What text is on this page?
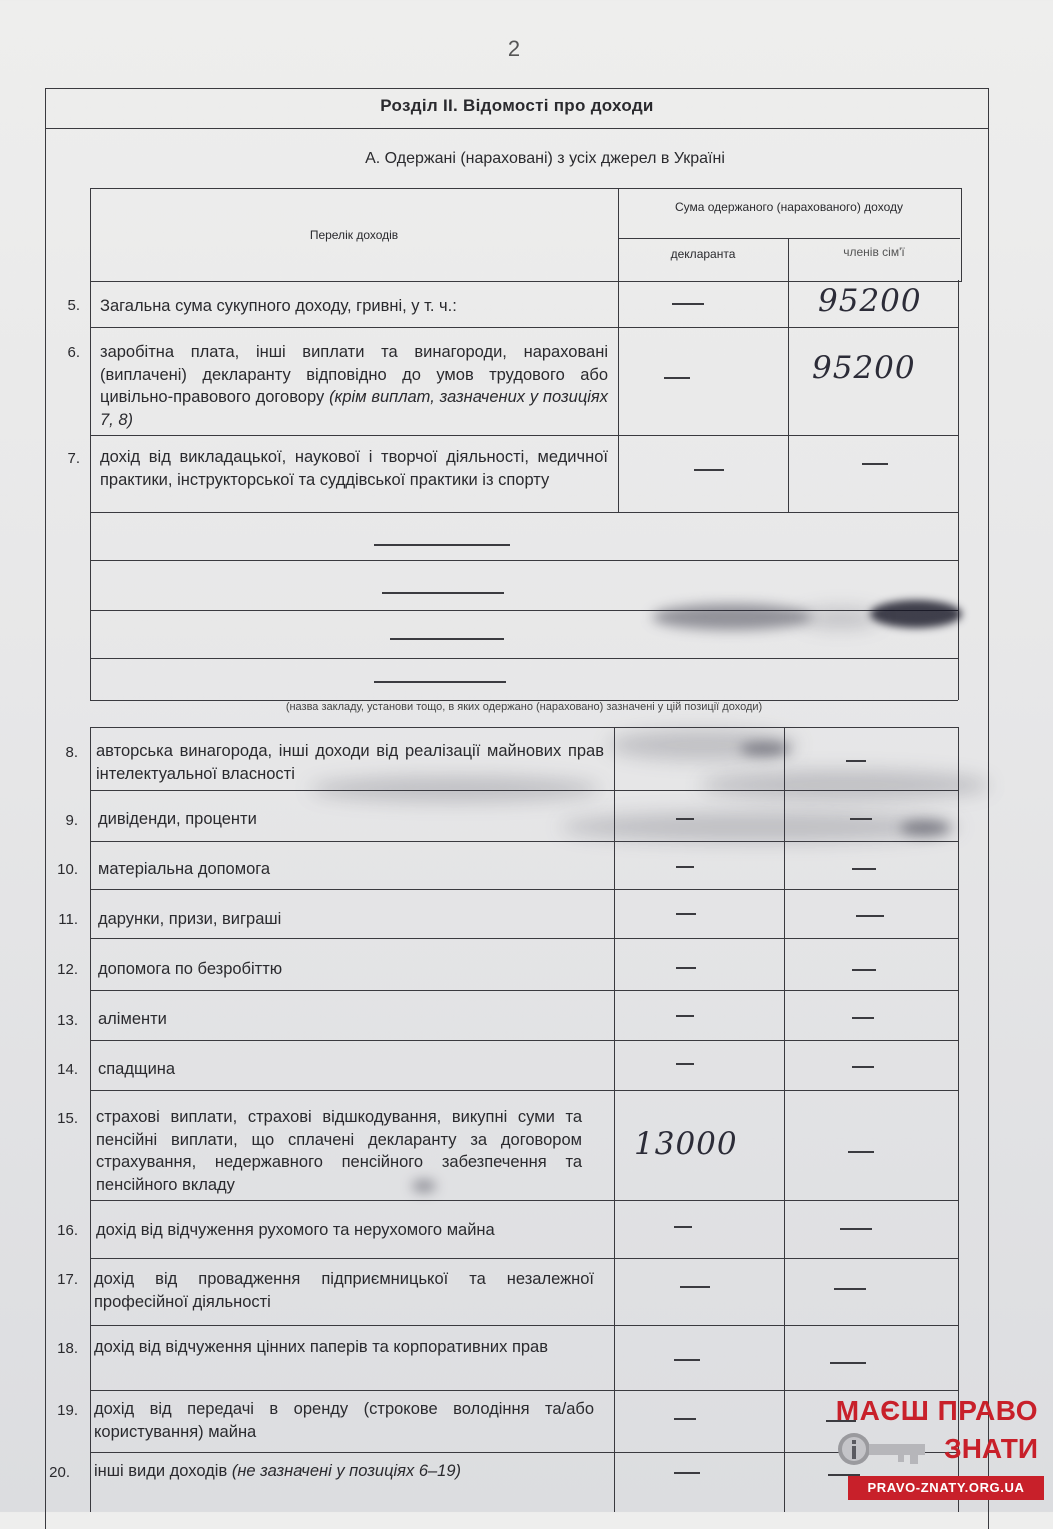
2
Розділ II. Відомості про доходи
А. Одержані (нараховані) з усіх джерел в Україні
Перелік доходів
Сума одержаного (нарахованого) доходу
декларанта	членів сім'ї
5. Загальна сума сукупного доходу, гривні, у т. ч.:	95200
6. заробітна плата, інші виплати та винагороди, нараховані (виплачені) декларанту відповідно до умов трудового або цивільно-правового договору (крім виплат, зазначених у позиціях 7, 8)
95200
7. дохід від викладацької, наукової і творчої діяльності, медичної практики, інструкторської та суддівської практики із спорту
(назва закладу, установи тощо, в яких одержано (нараховано) зазначені у цій позиції доходи)
8. авторська винагорода, інші доходи від реалізації майнових прав інтелектуальної власності
9. дивіденди, проценти
10. матеріальна допомога
11. дарунки, призи, виграші
12. допомога по безробіттю
13. аліменти
14. спадщина
15. страхові виплати, страхові відшкодування, викупні суми та пенсійні виплати, що сплачені декларанту за договором страхування, недержавного пенсійного забезпечення та пенсійного вкладу
13000
16. дохід від відчуження рухомого та нерухомого майна
17. дохід від провадження підприємницької та незалежної професійної діяльності
18. дохід від відчуження цінних паперів та корпоративних прав
19. дохід від передачі в оренду (строкове володіння та/або користування) майна
20. інші види доходів (не зазначені у позиціях 6–19)
МАЄШ ПРАВО
ЗНАТИ
PRAVO-ZNATY.ORG.UA
